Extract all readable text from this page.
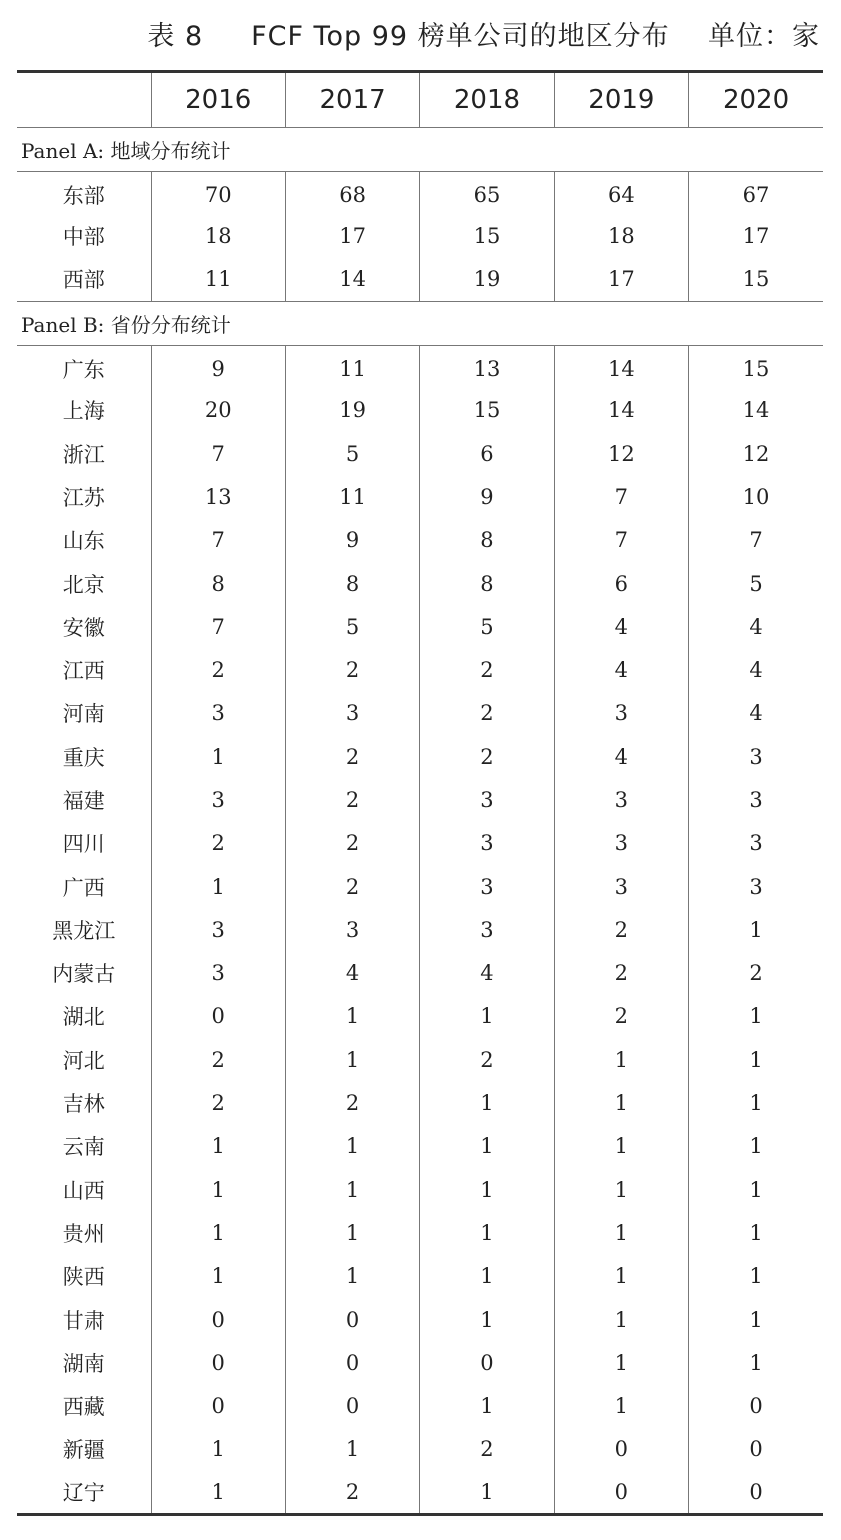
表 8 FCF Top 99 榜单公司的地区分布 单位：家
	2016	2017	2018	2019	2020
Panel A: 地域分布统计					
东部	70	68	65	64	67
中部	18	17	15	18	17
西部	11	14	19	17	15
Panel B: 省份分布统计					
广东	9	11	13	14	15
上海	20	19	15	14	14
浙江	7	5	6	12	12
江苏	13	11	9	7	10
山东	7	9	8	7	7
北京	8	8	8	6	5
安徽	7	5	5	4	4
江西	2	2	2	4	4
河南	3	3	2	3	4
重庆	1	2	2	4	3
福建	3	2	3	3	3
四川	2	2	3	3	3
广西	1	2	3	3	3
黑龙江	3	3	3	2	1
内蒙古	3	4	4	2	2
湖北	0	1	1	2	1
河北	2	1	2	1	1
吉林	2	2	1	1	1
云南	1	1	1	1	1
山西	1	1	1	1	1
贵州	1	1	1	1	1
陕西	1	1	1	1	1
甘肃	0	0	1	1	1
湖南	0	0	0	1	1
西藏	0	0	1	1	0
新疆	1	1	2	0	0
辽宁	1	2	1	0	0
